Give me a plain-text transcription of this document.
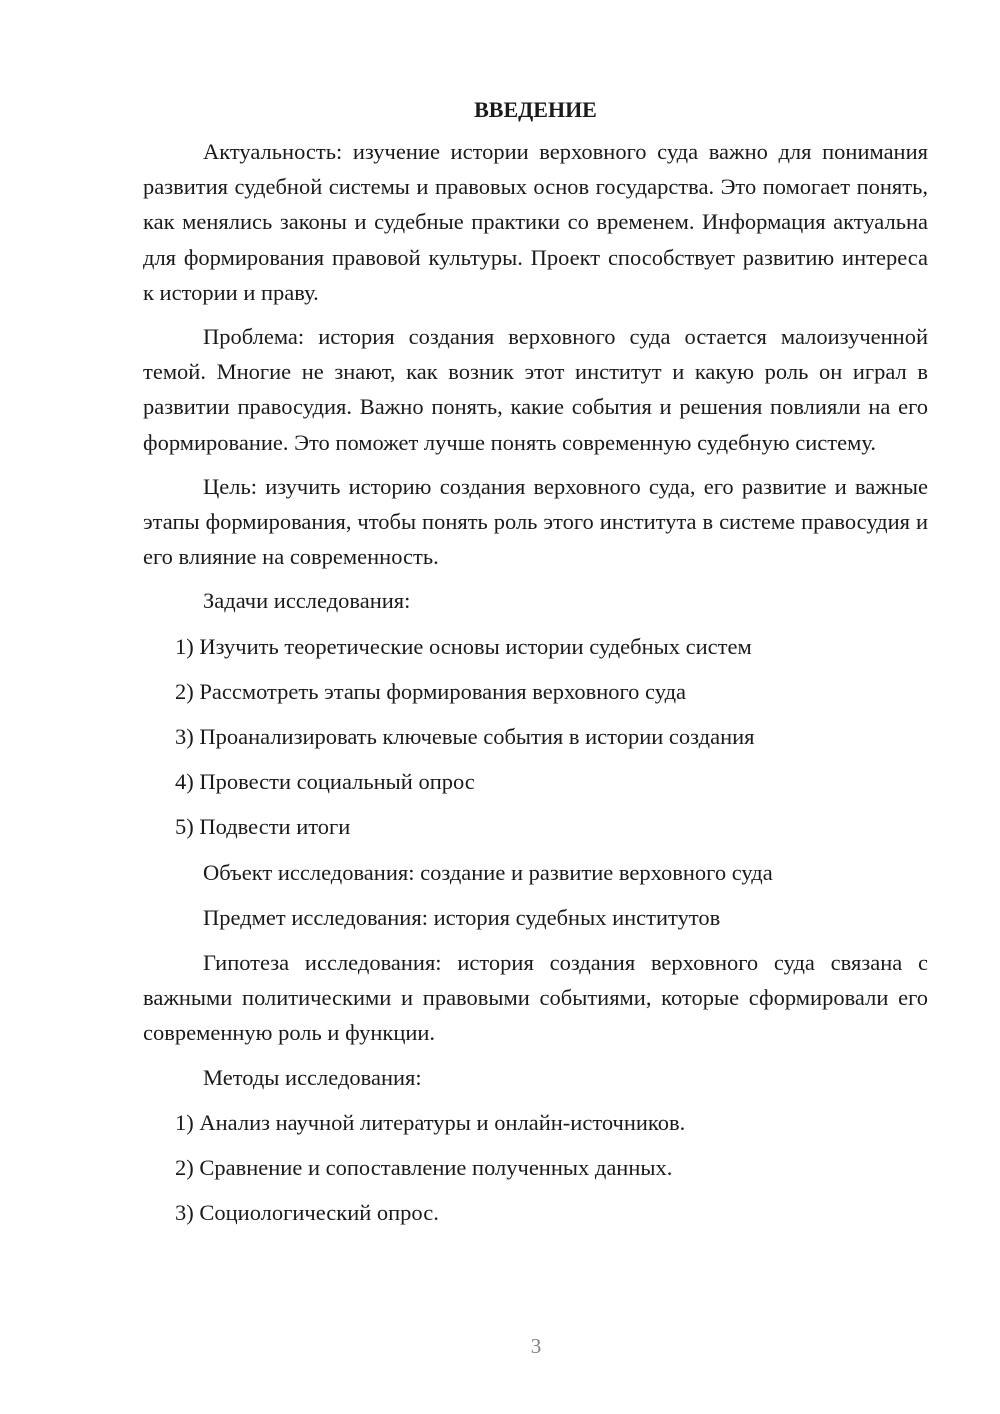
ВВЕДЕНИЕ

Актуальность: изучение истории верховного суда важно для понимания развития судебной системы и правовых основ государства. Это помогает понять, как менялись законы и судебные практики со временем. Информация актуальна для формирования правовой культуры. Проект способствует развитию интереса к истории и праву.

Проблема: история создания верховного суда остается малоизученной темой. Многие не знают, как возник этот институт и какую роль он играл в развитии правосудия. Важно понять, какие события и решения повлияли на его формирование. Это поможет лучше понять современную судебную систему.

Цель: изучить историю создания верховного суда, его развитие и важные этапы формирования, чтобы понять роль этого института в системе правосудия и его влияние на современность.

Задачи исследования:

1) Изучить теоретические основы истории судебных систем

2) Рассмотреть этапы формирования верховного суда

3) Проанализировать ключевые события в истории создания

4) Провести социальный опрос

5) Подвести итоги

Объект исследования: создание и развитие верховного суда

Предмет исследования: история судебных институтов

Гипотеза исследования: история создания верховного суда связана с важными политическими и правовыми событиями, которые сформировали его современную роль и функции.

Методы исследования:

1) Анализ научной литературы и онлайн-источников.

2) Сравнение и сопоставление полученных данных.

3) Социологический опрос.

3
